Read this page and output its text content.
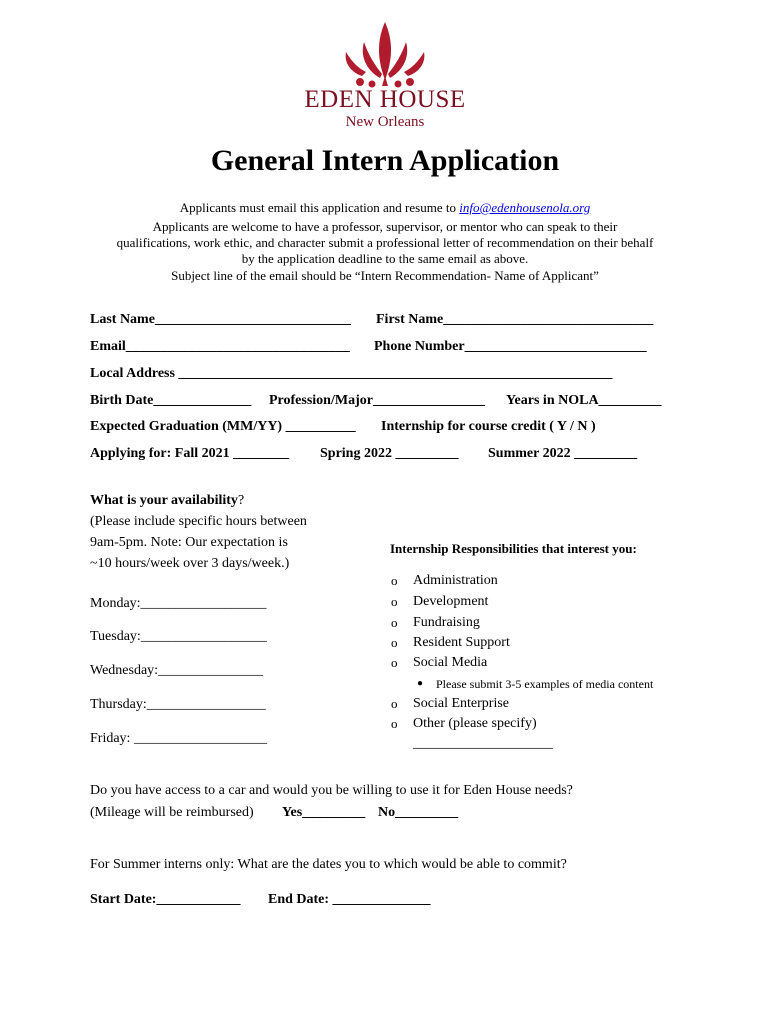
EDEN HOUSE
New Orleans
General Intern Application
Applicants must email this application and resume to info@edenhousenola.org
Applicants are welcome to have a professor, supervisor, or mentor who can speak to their
qualifications, work ethic, and character submit a professional letter of recommendation on their behalf
by the application deadline to the same email as above.
Subject line of the email should be “Intern Recommendation- Name of Applicant”
Last Name____________________________ First Name______________________________
Email________________________________ Phone Number__________________________
Local Address ______________________________________________________________
Birth Date______________ Profession/Major________________ Years in NOLA_________
Expected Graduation (MM/YY) __________ Internship for course credit ( Y / N )
Applying for: Fall 2021 ________ Spring 2022 _________ Summer 2022 _________
What is your availability?
(Please include specific hours between
9am-5pm. Note: Our expectation is
~10 hours/week over 3 days/week.)
Monday:__________________
Tuesday:__________________
Wednesday:_______________
Thursday:_________________
Friday: ___________________
Internship Responsibilities that interest you:
o Administration
o Development
o Fundraising
o Resident Support
o Social Media
● Please submit 3-5 examples of media content
o Social Enterprise
o Other (please specify)
____________________
Do you have access to a car and would you be willing to use it for Eden House needs?
(Mileage will be reimbursed) Yes_________ No_________
For Summer interns only: What are the dates you to which would be able to commit?
Start Date:____________ End Date: ______________
